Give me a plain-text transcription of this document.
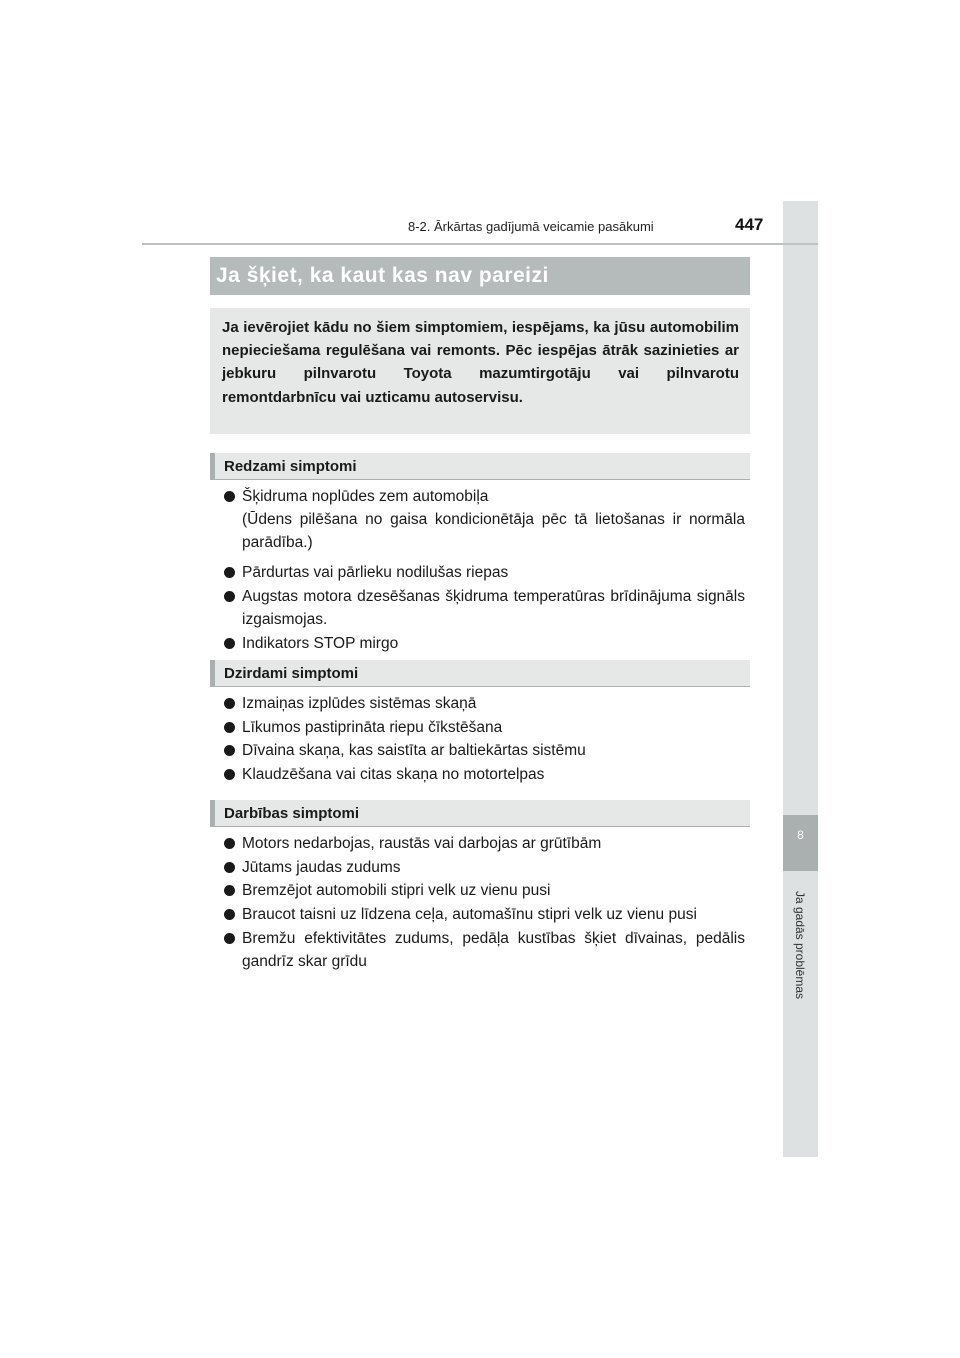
8
Ja gadās problēmas
8-2. Ārkārtas gadījumā veicamie pasākumi	447
Ja šķiet, ka kaut kas nav pareizi

Ja ievērojiet kādu no šiem simptomiem, iespējams, ka jūsu automobilim nepieciešama regulēšana vai remonts. Pēc iespējas ātrāk sazinieties ar jebkuru pilnvarotu Toyota mazumtirgotāju vai pilnvarotu remontdarbnīcu vai uzticamu autoservisu.

Redzami simptomi
Šķidruma noplūdes zem automobiļa
(Ūdens pilēšana no gaisa kondicionētāja pēc tā lietošanas ir normāla parādība.)
Pārdurtas vai pārlieku nodilušas riepas
Augstas motora dzesēšanas šķidruma temperatūras brīdinājuma signāls izgaismojas.
Indikators STOP mirgo
Dzirdami simptomi
Izmaiņas izplūdes sistēmas skaņā
Līkumos pastiprināta riepu čīkstēšana
Dīvaina skaņa, kas saistīta ar baltiekārtas sistēmu
Klaudzēšana vai citas skaņa no motortelpas
Darbības simptomi
Motors nedarbojas, raustās vai darbojas ar grūtībām
Jūtams jaudas zudums
Bremzējot automobili stipri velk uz vienu pusi
Braucot taisni uz līdzena ceļa, automašīnu stipri velk uz vienu pusi
Bremžu efektivitātes zudums, pedāļa kustības šķiet dīvainas, pedālis gandrīz skar grīdu
